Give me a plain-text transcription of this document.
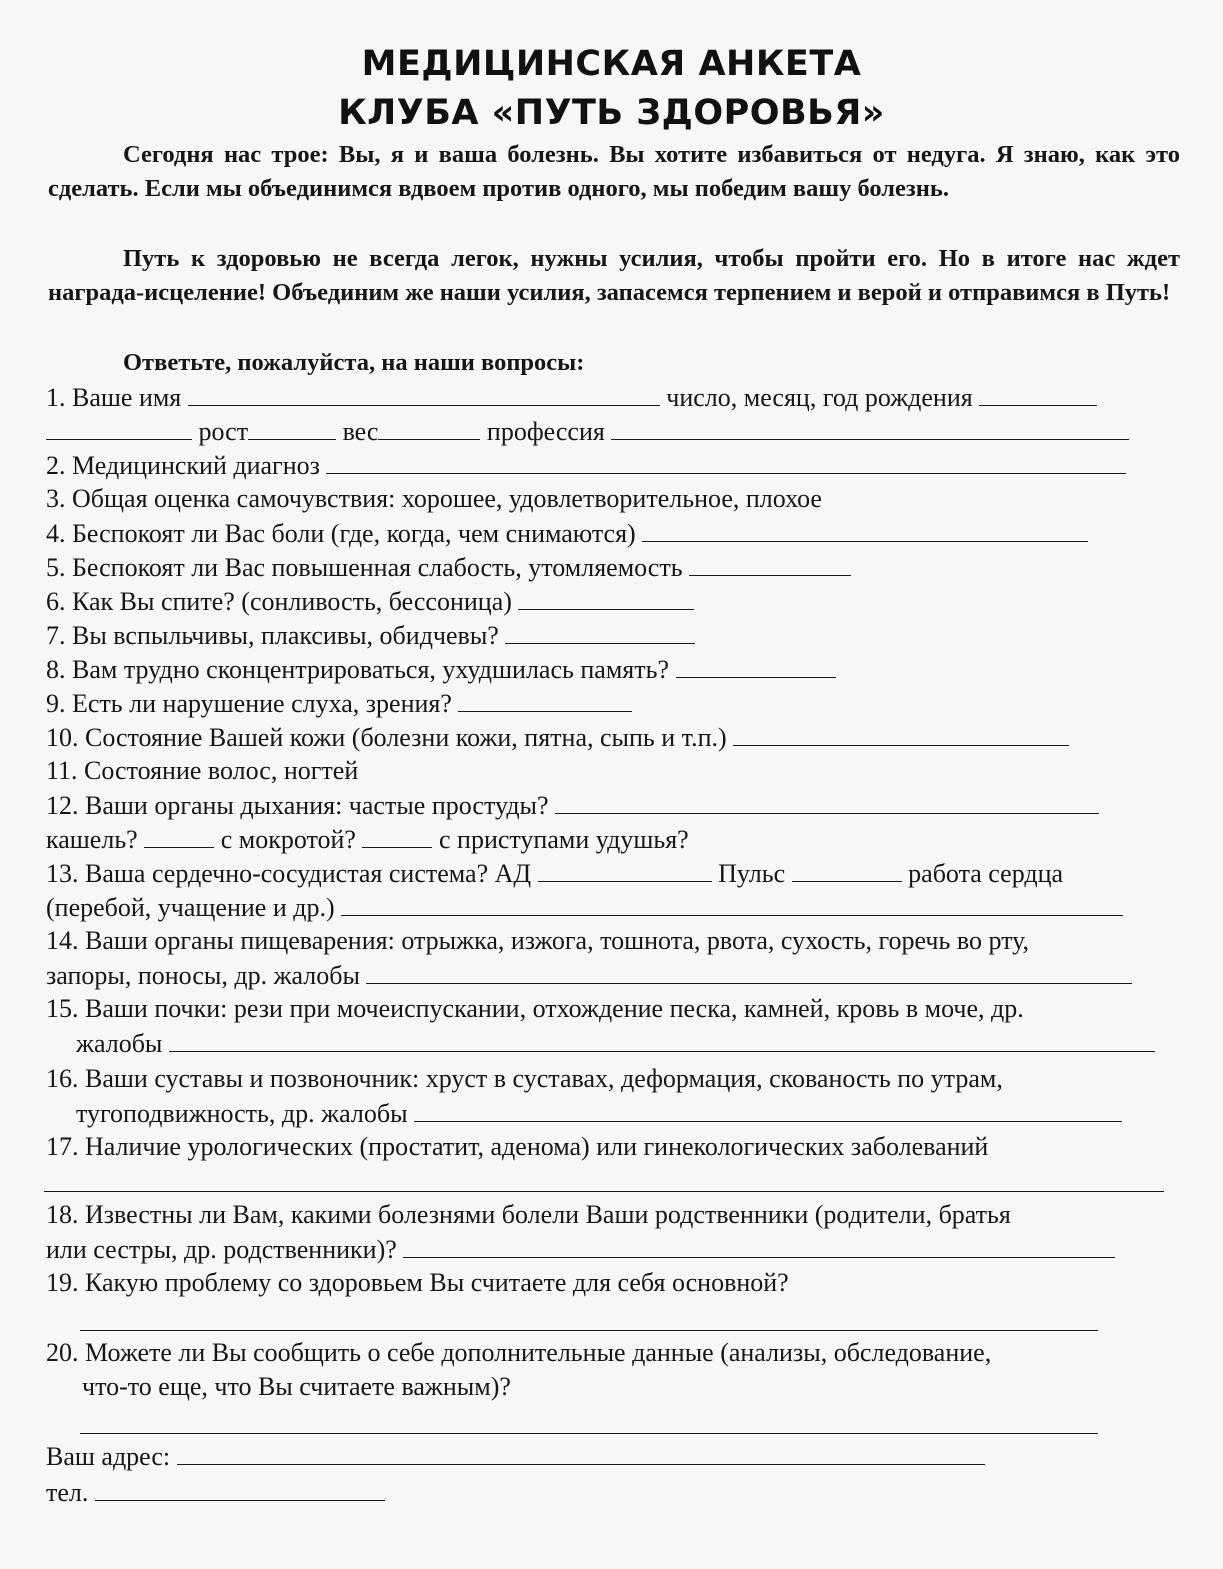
МЕДИЦИНСКАЯ АНКЕТА
КЛУБА «ПУТЬ ЗДОРОВЬЯ»

Сегодня нас трое: Вы, я и ваша болезнь. Вы хотите избавиться от недуга. Я знаю, как это сделать. Если мы объединимся вдвоем против одного, мы победим вашу болезнь.

Путь к здоровью не всегда легок, нужны усилия, чтобы пройти его. Но в итоге нас ждет награда-исцеление! Объединим же наши усилия, запасемся терпением и верой и отправимся в Путь!

Ответьте, пожалуйста, на наши вопросы:

1. Ваше имя	число, месяц, год рождения
рост	вес	профессия
2. Медицинский диагноз
3. Общая оценка самочувствия: хорошее, удовлетворительное, плохое
4. Беспокоят ли Вас боли (где, когда, чем снимаются)
5. Беспокоят ли Вас повышенная слабость, утомляемость
6. Как Вы спите? (сонливость, бессоница)
7. Вы вспыльчивы, плаксивы, обидчевы?
8. Вам трудно сконцентрироваться, ухудшилась память?
9. Есть ли нарушение слуха, зрения?
10. Состояние Вашей кожи (болезни кожи, пятна, сыпь и т.п.)
11. Состояние волос, ногтей
12. Ваши органы дыхания: частые простуды?
кашель?	с мокротой?	с приступами удушья?
13. Ваша сердечно-сосудистая система? АД	Пульс	работа сердца
(перебой, учащение и др.)
14. Ваши органы пищеварения: отрыжка, изжога, тошнота, рвота, сухость, горечь во рту,
запоры, поносы, др. жалобы
15. Ваши почки: рези при мочеиспускании, отхождение песка, камней, кровь в моче, др.
жалобы
16. Ваши суставы и позвоночник: хруст в суставах, деформация, скованость по утрам,
тугоподвижность, др. жалобы
17. Наличие урологических (простатит, аденома) или гинекологических заболеваний
18. Известны ли Вам, какими болезнями болели Ваши родственники (родители, братья
или сестры, др. родственники)?
19. Какую проблему со здоровьем Вы считаете для себя основной?
20. Можете ли Вы сообщить о себе дополнительные данные (анализы, обследование,
что-то еще, что Вы считаете важным)?
Ваш адрес:
тел.
